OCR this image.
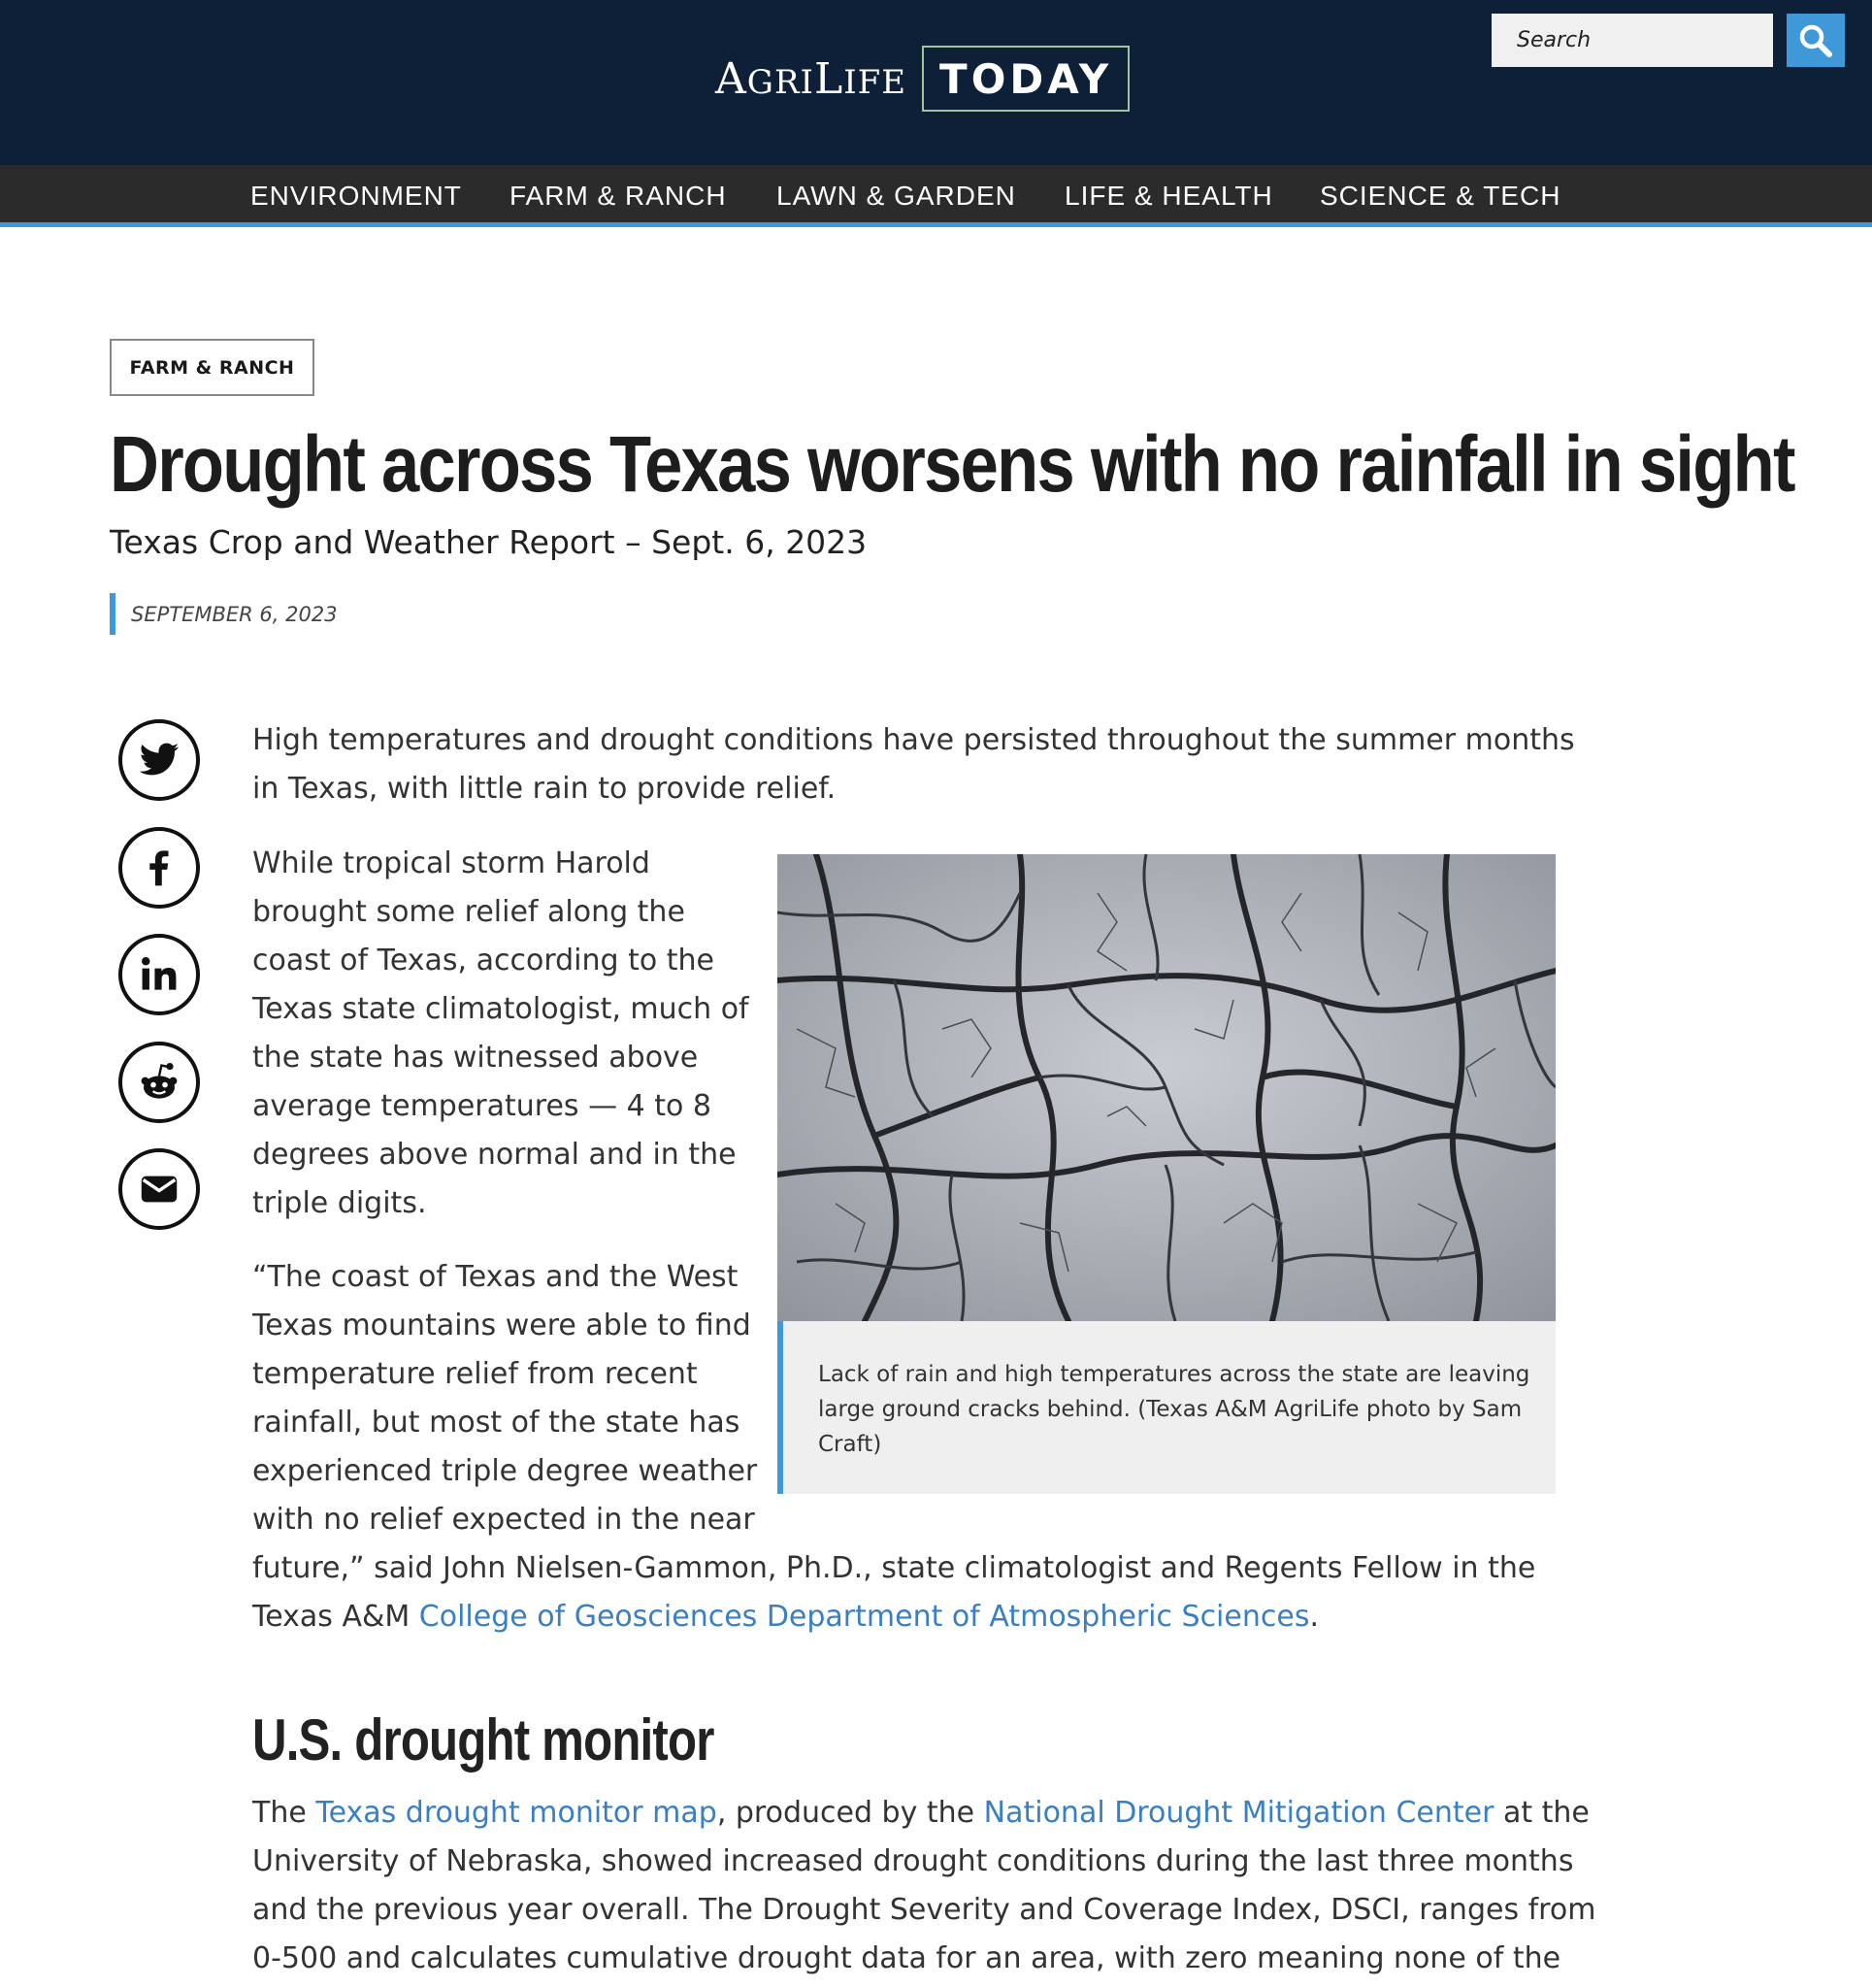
AGRILIFE TODAY
Search
ENVIRONMENT FARM & RANCH LAWN & GARDEN LIFE & HEALTH SCIENCE & TECH
FARM & RANCH
Drought across Texas worsens with no rainfall in sight
Texas Crop and Weather Report – Sept. 6, 2023
SEPTEMBER 6, 2023
High temperatures and drought conditions have persisted throughout the summer months
in Texas, with little rain to provide relief.
While tropical storm Harold
brought some relief along the
coast of Texas, according to the
Texas state climatologist, much of
the state has witnessed above
average temperatures — 4 to 8
degrees above normal and in the
triple digits.
Lack of rain and high temperatures across the state are leaving
large ground cracks behind. (Texas A&M AgriLife photo by Sam
Craft)
“The coast of Texas and the West
Texas mountains were able to find
temperature relief from recent
rainfall, but most of the state has
experienced triple degree weather
with no relief expected in the near
future,” said John Nielsen-Gammon, Ph.D., state climatologist and Regents Fellow in the
Texas A&M College of Geosciences Department of Atmospheric Sciences.
U.S. drought monitor
The Texas drought monitor map, produced by the National Drought Mitigation Center at the
University of Nebraska, showed increased drought conditions during the last three months
and the previous year overall. The Drought Severity and Coverage Index, DSCI, ranges from
0-500 and calculates cumulative drought data for an area, with zero meaning none of the
